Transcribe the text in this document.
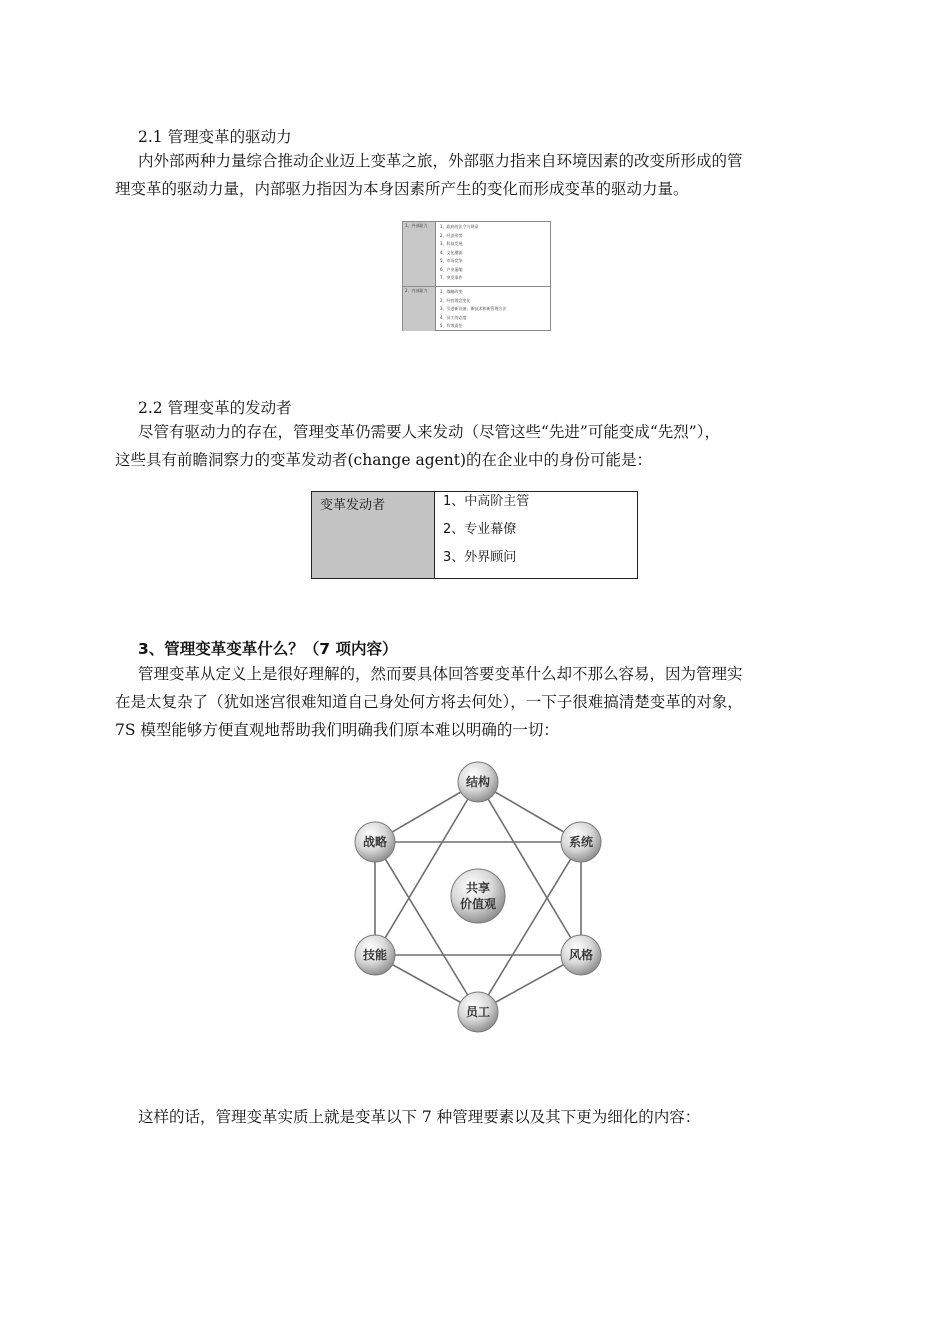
2.1 管理变革的驱动力
内外部两种力量综合推动企业迈上变革之旅，外部驱力指来自环境因素的改变所形成的管
理变革的驱动力量，内部驱力指因为本身因素所产生的变化而形成变革的驱动力量。
1、外部驱力	1、政府的法令与规章
2、经济形势
3、科技发展
4、文化潮流
5、市场竞争
6、产业萎缩
7、突发事件
2、内部驱力	1、战略改变
2、经营理念变化
3、引进新设备、新技术和新管理方法
4、员工的态度
5、有效责任
2.2 管理变革的发动者
尽管有驱动力的存在，管理变革仍需要人来发动（尽管这些“先进”可能变成“先烈”），
这些具有前瞻洞察力的变革发动者(change agent)的在企业中的身份可能是：
变革发动者	1、中高阶主管
2、专业幕僚
3、外界顾问
3、管理变革变革什么？（7 项内容）
管理变革从定义上是很好理解的，然而要具体回答要变革什么却不那么容易，因为管理实
在是太复杂了（犹如迷宫很难知道自己身处何方将去何处），一下子很难搞清楚变革的对象，
7S 模型能够方便直观地帮助我们明确我们原本难以明确的一切：
结构
战略	系统
共享
价值观
技能	风格
员工
这样的话，管理变革实质上就是变革以下 7 种管理要素以及其下更为细化的内容：
